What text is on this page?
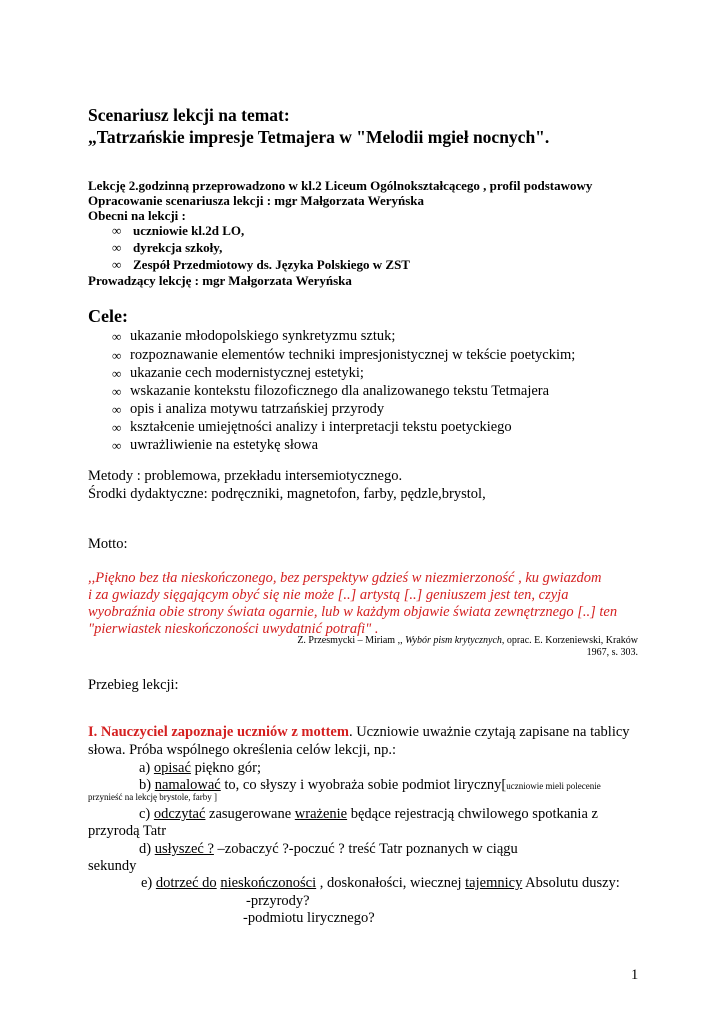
Scenariusz lekcji na temat:
„Tatrzańskie impresje Tetmajera w "Melodii mgieł nocnych".
Lekcję 2.godzinną przeprowadzono w kl.2 Liceum Ogólnokształcącego , profil podstawowy
Opracowanie scenariusza lekcji : mgr Małgorzata Weryńska
Obecni na lekcji :
∞ uczniowie kl.2d LO,
∞ dyrekcja szkoły,
∞ Zespół Przedmiotowy ds. Języka Polskiego w ZST
Prowadzący lekcję : mgr Małgorzata Weryńska
Cele:
∞ ukazanie młodopolskiego synkretyzmu sztuk;
∞ rozpoznawanie elementów techniki impresjonistycznej w tekście poetyckim;
∞ ukazanie cech modernistycznej estetyki;
∞ wskazanie kontekstu filozoficznego dla analizowanego tekstu Tetmajera
∞ opis i analiza motywu tatrzańskiej przyrody
∞ kształcenie umiejętności analizy i interpretacji tekstu poetyckiego
∞ uwrażliwienie na estetykę słowa
Metody : problemowa, przekładu intersemiotycznego.
Środki dydaktyczne: podręczniki, magnetofon, farby, pędzle,brystol,
Motto:
,,Piękno bez tła nieskończonego, bez perspektyw gdzieś w niezmierzoność , ku gwiazdom
i za gwiazdy sięgającym obyć się nie może [..] artystą [..] geniuszem jest ten, czyja
wyobraźnia obie strony świata ogarnie, lub w każdym objawie świata zewnętrznego [..] ten
"pierwiastek nieskończoności uwydatnić potrafi" .
Z. Przesmycki – Miriam ,, Wybór pism krytycznych, oprac. E. Korzeniewski, Kraków
1967, s. 303.
Przebieg lekcji:
I. Nauczyciel zapoznaje uczniów z mottem. Uczniowie uważnie czytają zapisane na tablicy
słowa. Próba wspólnego określenia celów lekcji, np.:
a) opisać piękno gór;
b) namalować to, co słyszy i wyobraża sobie podmiot liryczny[uczniowie mieli polecenie
przynieść na lekcję brystole, farby ]
c) odczytać zasugerowane wrażenie będące rejestracją chwilowego spotkania z
przyrodą Tatr
d) usłyszeć ? –zobaczyć ?-poczuć ? treść Tatr poznanych w ciągu
sekundy
e) dotrzeć do nieskończoności , doskonałości, wiecznej tajemnicy Absolutu duszy:
-przyrody?
-podmiotu lirycznego?
1
